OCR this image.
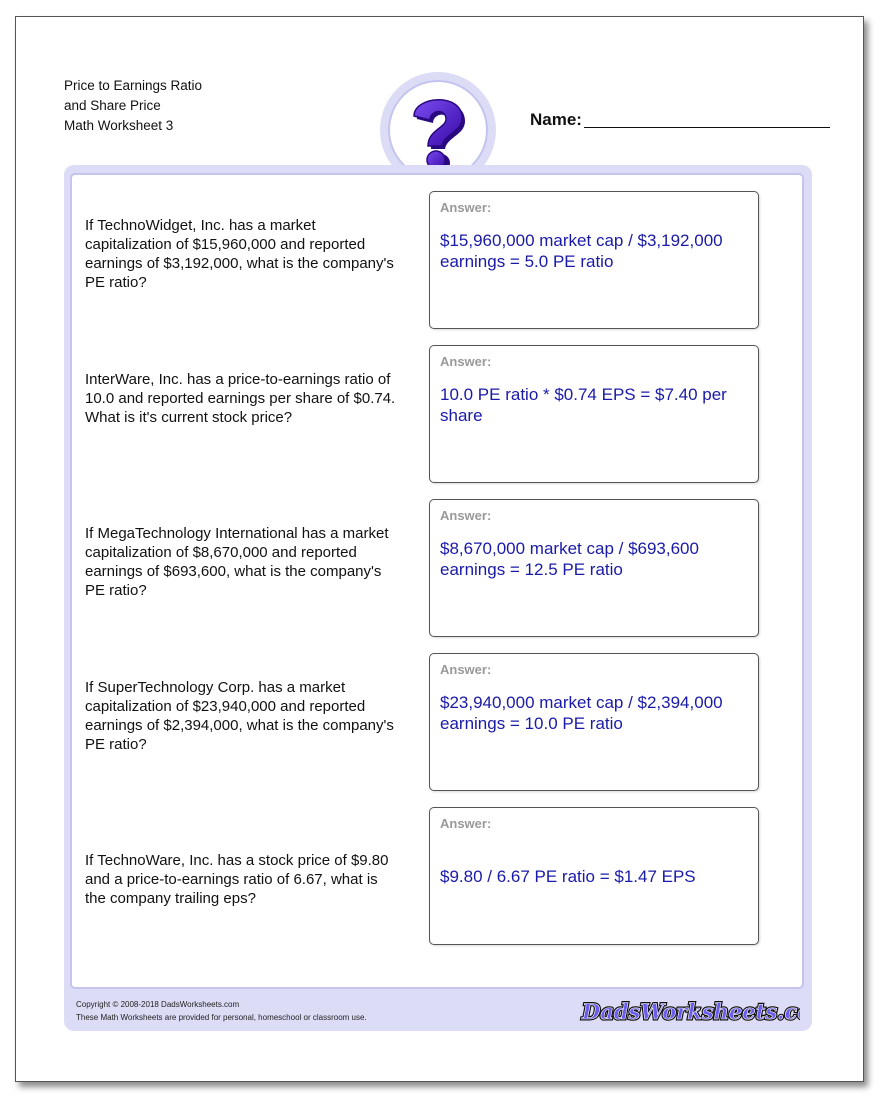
Price to Earnings Ratio
and Share Price
Math Worksheet 3	Name:
If TechnoWidget, Inc. has a market capitalization of $15,960,000 and reported earnings of $3,192,000, what is the company's PE ratio?
Answer:
$15,960,000 market cap / $3,192,000 earnings = 5.0 PE ratio
InterWare, Inc. has a price-to-earnings ratio of 10.0 and reported earnings per share of $0.74. What is it's current stock price?
Answer:
10.0 PE ratio * $0.74 EPS = $7.40 per share
If MegaTechnology International has a market capitalization of $8,670,000 and reported earnings of $693,600, what is the company's PE ratio?
Answer:
$8,670,000 market cap / $693,600 earnings = 12.5 PE ratio
If SuperTechnology Corp. has a market capitalization of $23,940,000 and reported earnings of $2,394,000, what is the company's PE ratio?
Answer:
$23,940,000 market cap / $2,394,000 earnings = 10.0 PE ratio
If TechnoWare, Inc. has a stock price of $9.80 and a price-to-earnings ratio of 6.67, what is the company trailing eps?
Answer:
$9.80 / 6.67 PE ratio = $1.47 EPS
Copyright © 2008-2018 DadsWorksheets.com
These Math Worksheets are provided for personal, homeschool or classroom use.	DadsWorksheets.c
DadsWorksheets.c
